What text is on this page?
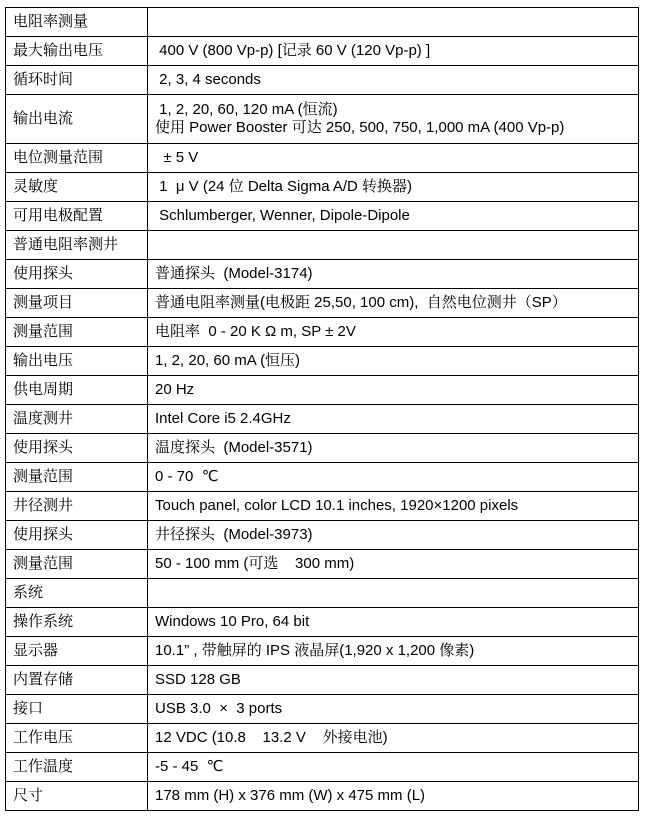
电阻率测量	
最大输出电压	400 V (800 Vp-p) [记录 60 V (120 Vp-p) ]
循环时间	2, 3, 4 seconds
输出电流	1, 2, 20, 60, 120 mA (恒流)
使用 Power Booster 可达 250, 500, 750, 1,000 mA (400 Vp-p)
电位测量范围	± 5 V
灵敏度	1  μ V (24 位 Delta Sigma A/D 转换器)
可用电极配置	Schlumberger, Wenner, Dipole-Dipole
普通电阻率测井	
使用探头	普通探头  (Model-3174)
测量项目	普通电阻率测量(电极距 25,50, 100 cm),  自然电位测井（SP）
测量范围	电阻率  0 - 20 K Ω m, SP ± 2V
输出电压	1, 2, 20, 60 mA (恒压)
供电周期	20 Hz
温度测井	Intel Core i5 2.4GHz
使用探头	温度探头  (Model-3571)
测量范围	0 - 70  ℃
井径测井	Touch panel, color LCD 10.1 inches, 1920×1200 pixels
使用探头	井径探头  (Model-3973)
测量范围	50 - 100 mm (可选    300 mm)
系统	
操作系统	Windows 10 Pro, 64 bit
显示器	10.1” , 带触屏的 IPS 液晶屏(1,920 x 1,200 像素)
内置存储	SSD 128 GB
接口	USB 3.0  ×  3 ports
工作电压	12 VDC (10.8    13.2 V    外接电池)
工作温度	-5 - 45  ℃
尺寸	178 mm (H) x 376 mm (W) x 475 mm (L)
